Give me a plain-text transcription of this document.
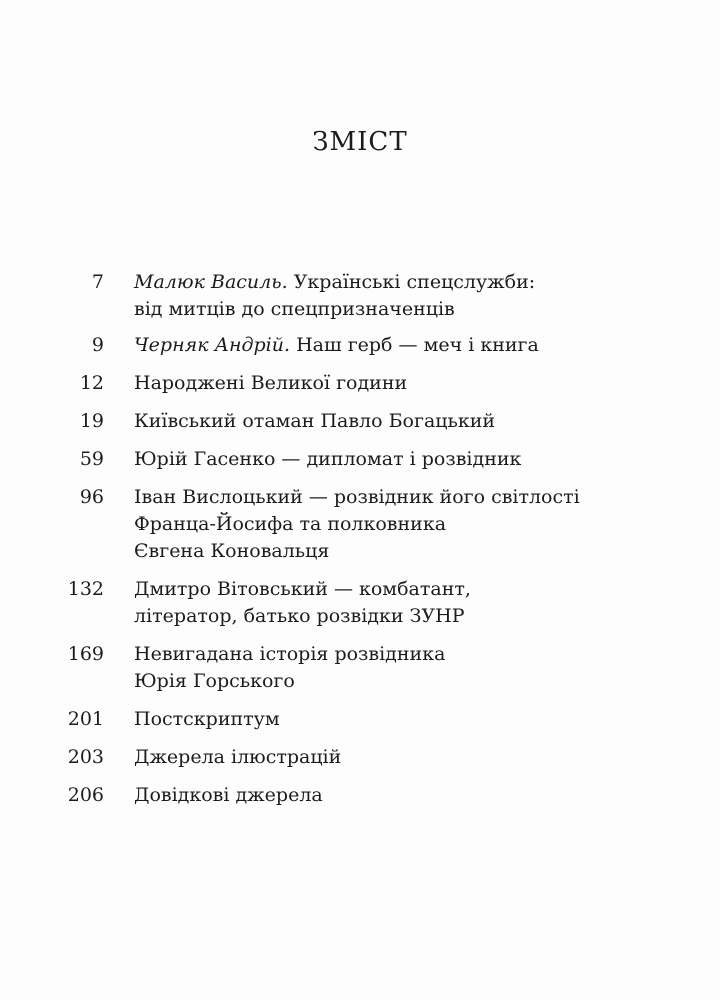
ЗМІСТ
7 Малюк Василь. Українські спецслужби:
від митців до спецпризначенців
9 Черняк Андрій. Наш герб — меч і книга
12 Народжені Великої години
19 Київський отаман Павло Богацький
59 Юрій Гасенко — дипломат і розвідник
96 Іван Вислоцький — розвідник його світлості
Франца-Йосифа та полковника
Євгена Коновальця
132 Дмитро Вітовський — комбатант,
літератор, батько розвідки ЗУНР
169 Невигадана історія розвідника
Юрія Горського
201 Постскриптум
203 Джерела ілюстрацій
206 Довідкові джерела
